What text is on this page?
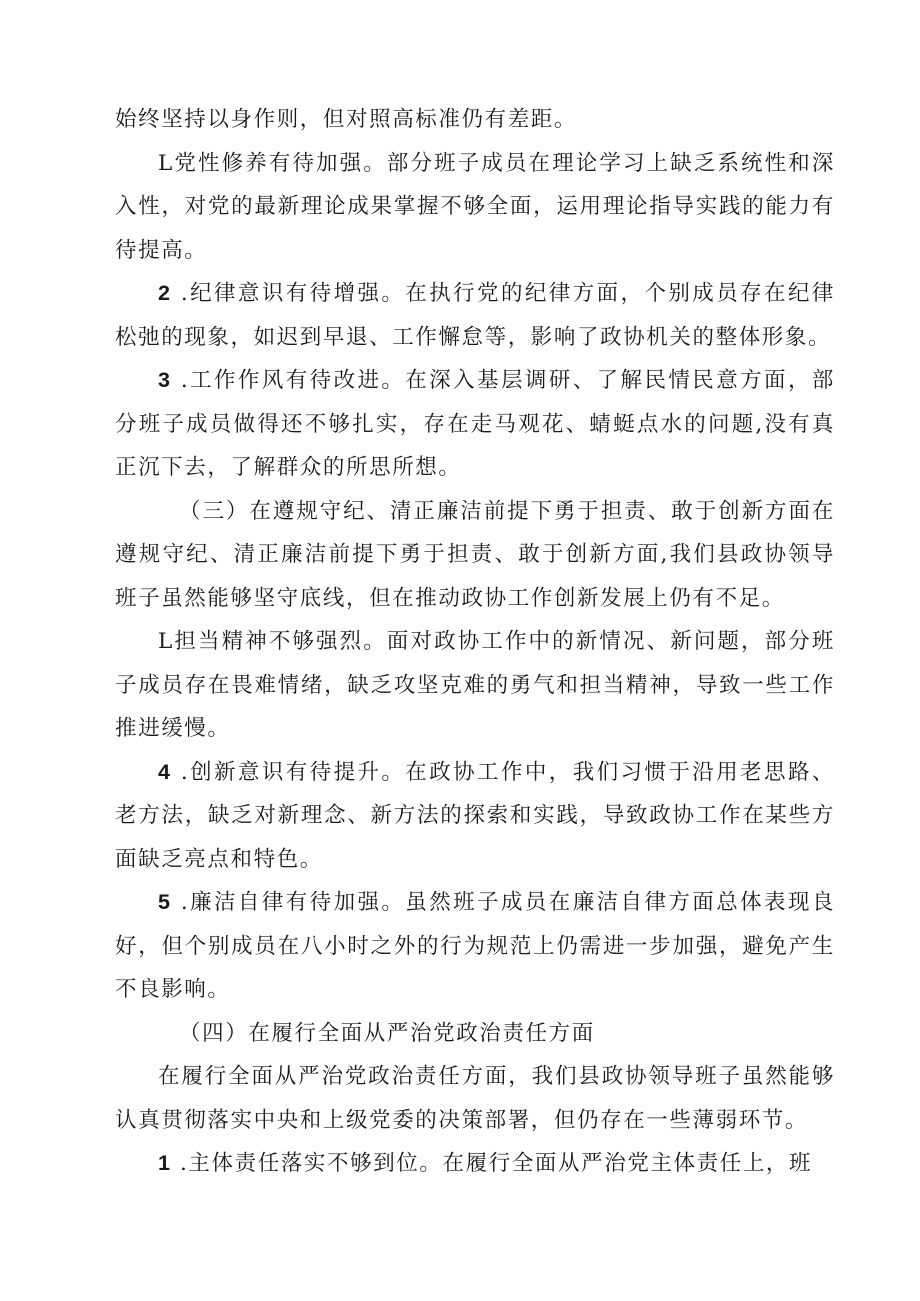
始终坚持以身作则，但对照高标准仍有差距。

L党性修养有待加强。部分班子成员在理论学习上缺乏系统性和深入性，对党的最新理论成果掌握不够全面，运用理论指导实践的能力有待提高。

2 .纪律意识有待增强。在执行党的纪律方面，个别成员存在纪律松弛的现象，如迟到早退、工作懈怠等，影响了政协机关的整体形象。

3 .工作作风有待改进。在深入基层调研、了解民情民意方面，部分班子成员做得还不够扎实，存在走马观花、蜻蜓点水的问题,没有真正沉下去，了解群众的所思所想。

（三）在遵规守纪、清正廉洁前提下勇于担责、敢于创新方面在遵规守纪、清正廉洁前提下勇于担责、敢于创新方面,我们县政协领导班子虽然能够坚守底线，但在推动政协工作创新发展上仍有不足。

L担当精神不够强烈。面对政协工作中的新情况、新问题，部分班子成员存在畏难情绪，缺乏攻坚克难的勇气和担当精神，导致一些工作推进缓慢。

4 .创新意识有待提升。在政协工作中，我们习惯于沿用老思路、老方法，缺乏对新理念、新方法的探索和实践，导致政协工作在某些方面缺乏亮点和特色。

5 .廉洁自律有待加强。虽然班子成员在廉洁自律方面总体表现良好，但个别成员在八小时之外的行为规范上仍需进一步加强，避免产生不良影响。

（四）在履行全面从严治党政治责任方面

在履行全面从严治党政治责任方面，我们县政协领导班子虽然能够认真贯彻落实中央和上级党委的决策部署，但仍存在一些薄弱环节。

1 .主体责任落实不够到位。在履行全面从严治党主体责任上，班
